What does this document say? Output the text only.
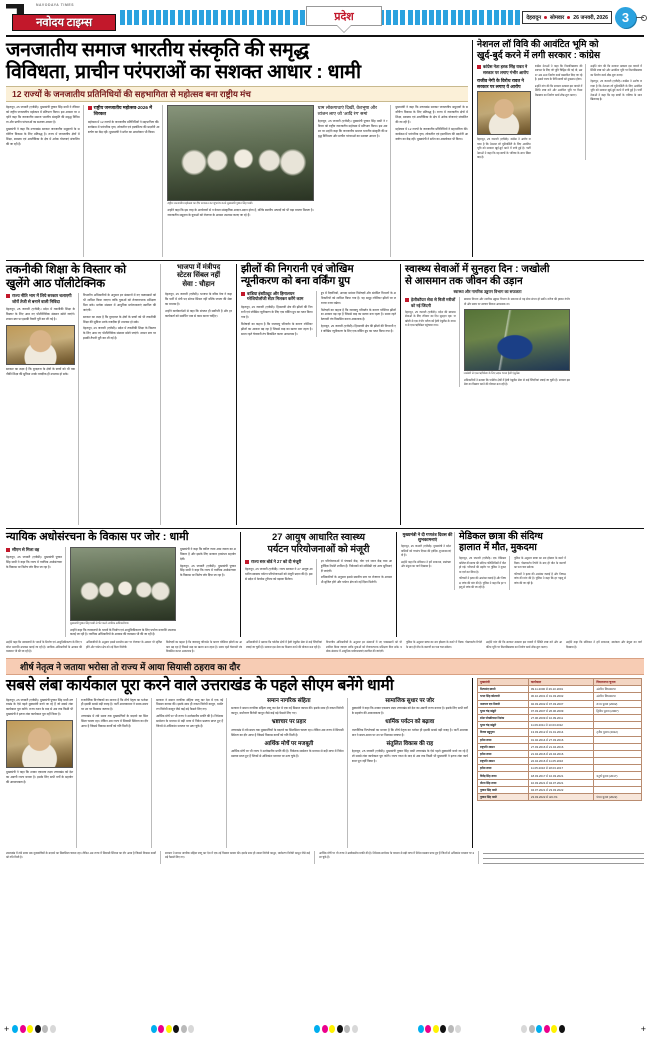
NAVODAYA TIMES
नवोदय टाइम्स	देहरादून सोमवार 26 जनवरी, 2026	3
प्रदेश
जनजातीय समाज भारतीय संस्कृति की समृद्ध
विविधता, प्राचीन परंपराओं का सशक्त आधार : धामी
12 राज्यों के जनजातीय प्रतिनिधियों की सहभागिता से महोत्सव बना राष्ट्रीय मंच
देहरादून, 25 जनवरी (एजेंसी)। मुख्यमंत्री पुष्कर सिंह धामी ने रविवार को राष्ट्रीय जनजातीय महोत्सव में प्रतिभाग किया। इस अवसर पर उन्होंने कहा कि जनजातीय समाज भारतीय संस्कृति की समृद्ध विविधता और प्राचीन परंपराओं का सशक्त आधार है।
मुख्यमंत्री ने कहा कि उत्तराखंड सरकार जनजातीय समुदायों के सर्वांगीण विकास के लिए प्रतिबद्ध है। राज्य में जनजातीय क्षेत्रों में शिक्षा, स्वास्थ्य एवं आजीविका के क्षेत्र में अनेक योजनाएं संचालित की जा रही हैं।
राष्ट्रीय जनजातीय महोत्सव-2026 में शिरकत
महोत्सव में 12 राज्यों के जनजातीय प्रतिनिधियों ने सहभागिता की। कार्यक्रम में पारंपरिक नृत्य, लोकगीत एवं हस्तशिल्प की प्रदर्शनी आकर्षण का केंद्र रही। मुख्यमंत्री ने स्टॉल का अवलोकन भी किया।
राष्ट्रीय जनजातीय महोत्सव का दीप प्रज्वलन कर शुभारंभ करते मुख्यमंत्री पुष्कर सिंह धामी।
उन्होंने कहा कि इस तरह के आयोजनों से न केवल सांस्कृतिक आदान-प्रदान होता है, बल्कि स्थानीय उत्पादों को भी बड़ा बाजार मिलता है। जनजातीय समुदाय के युवाओं को रोजगार के अवसर उपलब्ध कराए जा रहे हैं।
धाम लोकगाथाएं दिखीं, वेशभूषा और व्यंजन लाए जो 'आदि रंग' समां
देहरादून, 25 जनवरी (एजेंसी)। मुख्यमंत्री पुष्कर सिंह धामी ने रविवार को राष्ट्रीय जनजातीय महोत्सव में प्रतिभाग किया। इस अवसर पर उन्होंने कहा कि जनजातीय समाज भारतीय संस्कृति की समृद्ध विविधता और प्राचीन परंपराओं का सशक्त आधार है।
मुख्यमंत्री ने कहा कि उत्तराखंड सरकार जनजातीय समुदायों के सर्वांगीण विकास के लिए प्रतिबद्ध है। राज्य में जनजातीय क्षेत्रों में शिक्षा, स्वास्थ्य एवं आजीविका के क्षेत्र में अनेक योजनाएं संचालित की जा रही हैं।
महोत्सव में 12 राज्यों के जनजातीय प्रतिनिधियों ने सहभागिता की। कार्यक्रम में पारंपरिक नृत्य, लोकगीत एवं हस्तशिल्प की प्रदर्शनी आकर्षण का केंद्र रही। मुख्यमंत्री ने स्टॉल का अवलोकन भी किया।
नेशनल लॉ विवि की आवंटित भूमि को
खुर्द-बुर्द करने में लगी सरकार : कांग्रेस
कांग्रेस नेता हरक सिंह रावत ने सरकार पर लगाए गंभीर आरोप
राजीव नेगी के विरोध रावत ने सरकार पर लगाए ये आरोप
देहरादून, 25 जनवरी (एजेंसी)। कांग्रेस ने आरोप लगाया है कि नेशनल लॉ यूनिवर्सिटी के लिए आवंटित भूमि को सरकार खुर्द-बुर्द करने में लगी हुई है। पार्टी नेताओं ने कहा कि यह छात्रों के भविष्य के साथ खिलवाड़ है।
कांग्रेस नेताओं ने कहा कि विश्वविद्यालय की स्थापना के लिए जो भूमि चिह्नित की गई थी, उस पर अब अन्य निर्माण कार्य प्रस्तावित किए जा रहे हैं। इससे राज्य के विधि छात्रों को नुकसान होगा।
उन्होंने मांग की कि सरकार तत्काल इस मामले में स्थिति स्पष्ट करे और आवंटित भूमि पर विश्वविद्यालय का निर्माण कार्य शीघ्र शुरू कराए।
उन्होंने मांग की कि सरकार तत्काल इस मामले में स्थिति स्पष्ट करे और आवंटित भूमि पर विश्वविद्यालय का निर्माण कार्य शीघ्र शुरू कराए।
देहरादून, 25 जनवरी (एजेंसी)। कांग्रेस ने आरोप लगाया है कि नेशनल लॉ यूनिवर्सिटी के लिए आवंटित भूमि को सरकार खुर्द-बुर्द करने में लगी हुई है। पार्टी नेताओं ने कहा कि यह छात्रों के भविष्य के साथ खिलवाड़ है।
तकनीकी शिक्षा के विस्तार को
खुलेंगे आठ पॉलीटेक्निक
राज्य नीति भाग में लिये सरकार चलाएगी जोरों तेजी से बनाने वाली निविदा
देहरादून, 25 जनवरी (एजेंसी)। प्रदेश में तकनीकी शिक्षा के विस्तार के लिए आठ नए पॉलीटेक्निक संस्थान खोले जाएंगे। शासन स्तर पर इसकी तैयारी पूरी कर ली गई है।
सरकार का लक्ष्य है कि दूरदराज के क्षेत्रों के छात्रों को भी तकनीकी शिक्षा की सुविधा उनके नजदीक ही उपलब्ध हो सके।
विभागीय अधिकारियों के अनुसार इन संस्थानों में नए पाठ्यक्रमों को भी शामिल किया जाएगा ताकि युवाओं को रोजगारपरक प्रशिक्षण मिल सके। प्रत्येक संस्थान में आधुनिक प्रयोगशालाएं स्थापित की जाएंगी।
सरकार का लक्ष्य है कि दूरदराज के क्षेत्रों के छात्रों को भी तकनीकी शिक्षा की सुविधा उनके नजदीक ही उपलब्ध हो सके।
देहरादून, 25 जनवरी (एजेंसी)। प्रदेश में तकनीकी शिक्षा के विस्तार के लिए आठ नए पॉलीटेक्निक संस्थान खोले जाएंगे। शासन स्तर पर इसकी तैयारी पूरी कर ली गई है।
भाजपा में मंत्रीपद
स्टेटस सिंबल नहीं
सेवा : चौहान
देहरादून, 25 जनवरी (एजेंसी)। भाजपा के वरिष्ठ नेता ने कहा कि पार्टी में मंत्री पद स्टेटस सिंबल नहीं बल्कि जनता की सेवा का माध्यम है।
उन्होंने कार्यकर्ताओं से कहा कि संगठन ही सर्वोपरि है और हर कार्यकर्ता को समर्पित भाव से काम करना चाहिए।
झीलों की निगरानी एवं जोखिम
न्यूनीकरण को बना वर्किंग ग्रुप
वाडिया इंस्टीट्यूट और हिमालयन ग्लेशियोलॉजी सेंटर मिलकर करेंगे काम
देहरादून, 25 जनवरी (एजेंसी)। हिमालयी क्षेत्र की झीलों की निगरानी एवं जोखिम न्यूनीकरण के लिए एक वर्किंग ग्रुप का गठन किया गया है।
विशेषज्ञों का कहना है कि जलवायु परिवर्तन के कारण ग्लेशियर झीलों का आकार बढ़ रहा है जिससे बाढ़ का खतरा बना रहता है। समय रहते चेतावनी तंत्र विकसित करना आवश्यक है।
ग्रुप में वैज्ञानिकों, आपदा प्रबंधन विशेषज्ञों और संबंधित विभागों के अधिकारियों को शामिल किया गया है। यह समूह ग्लेशियर झीलों पर लगातार नजर रखेगा।
विशेषज्ञों का कहना है कि जलवायु परिवर्तन के कारण ग्लेशियर झीलों का आकार बढ़ रहा है जिससे बाढ़ का खतरा बना रहता है। समय रहते चेतावनी तंत्र विकसित करना आवश्यक है।
देहरादून, 25 जनवरी (एजेंसी)। हिमालयी क्षेत्र की झीलों की निगरानी एवं जोखिम न्यूनीकरण के लिए एक वर्किंग ग्रुप का गठन किया गया है।
स्वास्थ्य सेवाओं में सुनहरा दिन : जखोली
से आसमान तक जीवन की उड़ान
स्वास्थ्य और नागरिक उड्डयन विभाग का सफलता
हेलीकॉप्टर सेवा से मिली मरीजों को नई जिंदगी
देहरादून, 25 जनवरी (एजेंसी)। प्रदेश की स्वास्थ्य सेवाओं के लिए रविवार का दिन सुनहरा रहा। जखोली से एक गंभीर मरीज को हेली एंबुलेंस के माध्यम से एम्स ऋषिकेश पहुंचाया गया।
स्वास्थ्य विभाग और नागरिक उड्डयन विभाग के समन्वय से यह सेवा संभव हो सकी। मरीज की हालत गंभीर थी और समय पर उपचार मिलना आवश्यक था।
जखोली से एम्स ऋषिकेश के लिए उड़ान भरता हेली एंबुलेंस।
अधिकारियों ने बताया कि पर्वतीय क्षेत्रों में हेली एंबुलेंस सेवा से कई जिंदगियां बचाई जा चुकी हैं। सरकार इस सेवा का विस्तार करने की योजना बना रही है।
न्यायिक अधोसंरचना के विकास पर जोर : धामी
सीएम से मिला वह
देहरादून, 25 जनवरी (एजेंसी)। मुख्यमंत्री पुष्कर सिंह धामी ने कहा कि राज्य में न्यायिक अधोसंरचना के विकास पर विशेष जोर दिया जा रहा है।
मुख्यमंत्री पुष्कर सिंह धामी से भेंट करते न्यायिक अधिकारीगण।
उन्होंने कहा कि न्यायालयों के भवनों के निर्माण एवं आधुनिकीकरण के लिए पर्याप्त धनराशि उपलब्ध कराई जा रही है। न्यायिक अधिकारियों के आवास की व्यवस्था भी की जा रही है।
मुख्यमंत्री ने कहा कि त्वरित न्याय आम जनता का अधिकार है और इसके लिए सरकार हरसंभव सहयोग देगी।
देहरादून, 25 जनवरी (एजेंसी)। मुख्यमंत्री पुष्कर सिंह धामी ने कहा कि राज्य में न्यायिक अधोसंरचना के विकास पर विशेष जोर दिया जा रहा है।
27 आयुष आधारित स्वास्थ्य
पर्यटन परियोजनाओं को मंजूरी
राज्य स्तर बोर्ड ने 27 को दी मंजूरी
देहरादून, 25 जनवरी (एजेंसी)। राज्य सरकार ने 27 आयुष आधारित स्वास्थ्य पर्यटन परियोजनाओं को मंजूरी प्रदान की है। इससे प्रदेश में वेलनेस टूरिज्म को बढ़ावा मिलेगा।
इन परियोजनाओं में पंचकर्म केंद्र, योग एवं ध्यान केंद्र तथा आयुर्वेदिक रिसॉर्ट शामिल हैं। निवेशकों को सब्सिडी एवं अन्य सुविधाएं दी जाएंगी।
अधिकारियों के अनुसार इससे स्थानीय स्तर पर रोजगार के अवसर भी सृजित होंगे और पर्यटन क्षेत्र को नई दिशा मिलेगी।
मुख्यमंत्री ने दी गणतंत्र दिवस की शुभकामनाएं
देहरादून, 25 जनवरी (एजेंसी)। मुख्यमंत्री ने प्रदेशवासियों को गणतंत्र दिवस की हार्दिक शुभकामनाएं दी हैं।
उन्होंने कहा कि संविधान ने हमें समानता, स्वतंत्रता और बंधुत्व का मार्ग दिखाया है।
मेडिकल छात्रा की संदिग्ध
हालात में मौत, मुकदमा
देहरादून, 25 जनवरी (एजेंसी)। एक मेडिकल कॉलेज की छात्रा की संदिग्ध परिस्थितियों में मौत हो गई। परिजनों की तहरीर पर पुलिस ने मुकदमा दर्ज कर लिया है।
परिजनों ने हत्या की आशंका जताई है और निष्पक्ष जांच की मांग की है। पुलिस ने कहा कि हर पहलू से जांच की जा रही है।
पुलिस के अनुसार छात्रा का शव हॉस्टल के कमरे में मिला। पोस्टमार्टम रिपोर्ट के बाद ही मौत के कारणों का पता चल सकेगा।
परिजनों ने हत्या की आशंका जताई है और निष्पक्ष जांच की मांग की है। पुलिस ने कहा कि हर पहलू से जांच की जा रही है।
उन्होंने कहा कि न्यायालयों के भवनों के निर्माण एवं आधुनिकीकरण के लिए पर्याप्त धनराशि उपलब्ध कराई जा रही है। न्यायिक अधिकारियों के आवास की व्यवस्था भी की जा रही है।
अधिकारियों के अनुसार इससे स्थानीय स्तर पर रोजगार के अवसर भी सृजित होंगे और पर्यटन क्षेत्र को नई दिशा मिलेगी।
विशेषज्ञों का कहना है कि जलवायु परिवर्तन के कारण ग्लेशियर झीलों का आकार बढ़ रहा है जिससे बाढ़ का खतरा बना रहता है। समय रहते चेतावनी तंत्र विकसित करना आवश्यक है।
अधिकारियों ने बताया कि पर्वतीय क्षेत्रों में हेली एंबुलेंस सेवा से कई जिंदगियां बचाई जा चुकी हैं। सरकार इस सेवा का विस्तार करने की योजना बना रही है।
विभागीय अधिकारियों के अनुसार इन संस्थानों में नए पाठ्यक्रमों को भी शामिल किया जाएगा ताकि युवाओं को रोजगारपरक प्रशिक्षण मिल सके। प्रत्येक संस्थान में आधुनिक प्रयोगशालाएं स्थापित की जाएंगी।
पुलिस के अनुसार छात्रा का शव हॉस्टल के कमरे में मिला। पोस्टमार्टम रिपोर्ट के बाद ही मौत के कारणों का पता चल सकेगा।
उन्होंने मांग की कि सरकार तत्काल इस मामले में स्थिति स्पष्ट करे और आवंटित भूमि पर विश्वविद्यालय का निर्माण कार्य शीघ्र शुरू कराए।
उन्होंने कहा कि संविधान ने हमें समानता, स्वतंत्रता और बंधुत्व का मार्ग दिखाया है।
शीर्ष नेतृत्व ने जताया भरोसा तो राज्य में आया सियासी ठहराव का दौर
सबसे लंबा कार्यकाल पूरा करने वाले उत्तराखंड के पहले सीएम बनेंगे धामी
देहरादून, 25 जनवरी (एजेंसी)। मुख्यमंत्री पुष्कर सिंह धामी उत्तराखंड के ऐसे पहले मुख्यमंत्री बनने जा रहे हैं जो सबसे लंबा कार्यकाल पूरा करेंगे। राज्य गठन के बाद से अब तक किसी भी मुख्यमंत्री ने इतना लंबा कार्यकाल पूरा नहीं किया है।
मुख्यमंत्री ने कहा कि उनका एकमात्र लक्ष्य उत्तराखंड को देश का अग्रणी राज्य बनाना है। इसके लिए सभी वर्गों के सहयोग की आवश्यकता है।
राजनीतिक विश्लेषकों का मानना है कि शीर्ष नेतृत्व का भरोसा ही इसकी सबसे बड़ी वजह है। पार्टी आलाकमान ने समय-समय पर उन पर विश्वास जताया है।
उत्तराखंड में लंबे समय तक मुख्यमंत्रियों के बदलने का सिलसिला चलता रहा। लेकिन अब राज्य में सियासी स्थिरता का दौर आया है जिससे विकास कार्यों को गति मिली है।
सरकार ने समान नागरिक संहिता लागू कर देश में एक नई मिसाल कायम की। इसके साथ ही नकल विरोधी कानून, धर्मांतरण विरोधी कानून जैसे कई बड़े फैसले लिए गए।
आर्थिक मोर्चे पर भी राज्य ने उल्लेखनीय प्रगति की है। निवेशक सम्मेलन के माध्यम से बड़ी मात्रा में निवेश प्रस्ताव प्राप्त हुए हैं जिनमें से अधिकांश धरातल पर उतर चुके हैं।
समान नागरिक संहिता
सरकार ने समान नागरिक संहिता लागू कर देश में एक नई मिसाल कायम की। इसके साथ ही नकल विरोधी कानून, धर्मांतरण विरोधी कानून जैसे कई बड़े फैसले लिए गए।
भ्रष्टाचार पर प्रहार
उत्तराखंड में लंबे समय तक मुख्यमंत्रियों के बदलने का सिलसिला चलता रहा। लेकिन अब राज्य में सियासी स्थिरता का दौर आया है जिससे विकास कार्यों को गति मिली है।
आर्थिक मोर्चे पर मजबूती
आर्थिक मोर्चे पर भी राज्य ने उल्लेखनीय प्रगति की है। निवेशक सम्मेलन के माध्यम से बड़ी मात्रा में निवेश प्रस्ताव प्राप्त हुए हैं जिनमें से अधिकांश धरातल पर उतर चुके हैं।
सामाजिक सुधार पर जोर
मुख्यमंत्री ने कहा कि उनका एकमात्र लक्ष्य उत्तराखंड को देश का अग्रणी राज्य बनाना है। इसके लिए सभी वर्गों के सहयोग की आवश्यकता है।
धार्मिक पर्यटन को बढ़ावा
राजनीतिक विश्लेषकों का मानना है कि शीर्ष नेतृत्व का भरोसा ही इसकी सबसे बड़ी वजह है। पार्टी आलाकमान ने समय-समय पर उन पर विश्वास जताया है।
संतुलित विकास की राह
देहरादून, 25 जनवरी (एजेंसी)। मुख्यमंत्री पुष्कर सिंह धामी उत्तराखंड के ऐसे पहले मुख्यमंत्री बनने जा रहे हैं जो सबसे लंबा कार्यकाल पूरा करेंगे। राज्य गठन के बाद से अब तक किसी भी मुख्यमंत्री ने इतना लंबा कार्यकाल पूरा नहीं किया है।
मुख्यमंत्री	कार्यकाल	विधानसभा चुनाव
नित्यानंद स्वामी	09.11.2000 से 29.10.2001	अंतरिम विधानसभा
भगत सिंह कोश्यारी	30.10.2001 से 01.03.2002	अंतरिम विधानसभा
नारायण दत्त तिवारी	02.03.2002 से 07.03.2007	राज्य चुनाव (2002)
भुवन चंद्र खंडूरी	07.03.2007 से 26.06.2009	द्वितीय चुनाव (2007)
रमेश पोखरियाल निशंक	27.06.2009 से 10.09.2011	
भुवन चंद्र खंडूरी	11.09.2011 से 13.03.2012	
विजय बहुगुणा	13.03.2012 से 31.01.2014	तृतीय चुनाव (2012)
हरीश रावत	01.02.2014 से 27.03.2016	
राष्ट्रपति शासन	27.03.2016 से 21.04.2016	
हरीश रावत	21.04.2016 से 22.04.2016	
राष्ट्रपति शासन	22.04.2016 से 11.05.2016	
हरीश रावत	11.05.2016 से 18.03.2017	
त्रिवेंद्र सिंह रावत	18.03.2017 से 10.03.2021	चतुर्थ चुनाव (2017)
तीरथ सिंह रावत	10.03.2021 से 04.07.2021	
पुष्कर सिंह धामी	04.07.2021 से 23.03.2022	
पुष्कर सिंह धामी	23.03.2022 से अब तक	पंचम चुनाव (2022)
उत्तराखंड में लंबे समय तक मुख्यमंत्रियों के बदलने का सिलसिला चलता रहा। लेकिन अब राज्य में सियासी स्थिरता का दौर आया है जिससे विकास कार्यों को गति मिली है।
सरकार ने समान नागरिक संहिता लागू कर देश में एक नई मिसाल कायम की। इसके साथ ही नकल विरोधी कानून, धर्मांतरण विरोधी कानून जैसे कई बड़े फैसले लिए गए।
आर्थिक मोर्चे पर भी राज्य ने उल्लेखनीय प्रगति की है। निवेशक सम्मेलन के माध्यम से बड़ी मात्रा में निवेश प्रस्ताव प्राप्त हुए हैं जिनमें से अधिकांश धरातल पर उतर चुके हैं।
+	+
